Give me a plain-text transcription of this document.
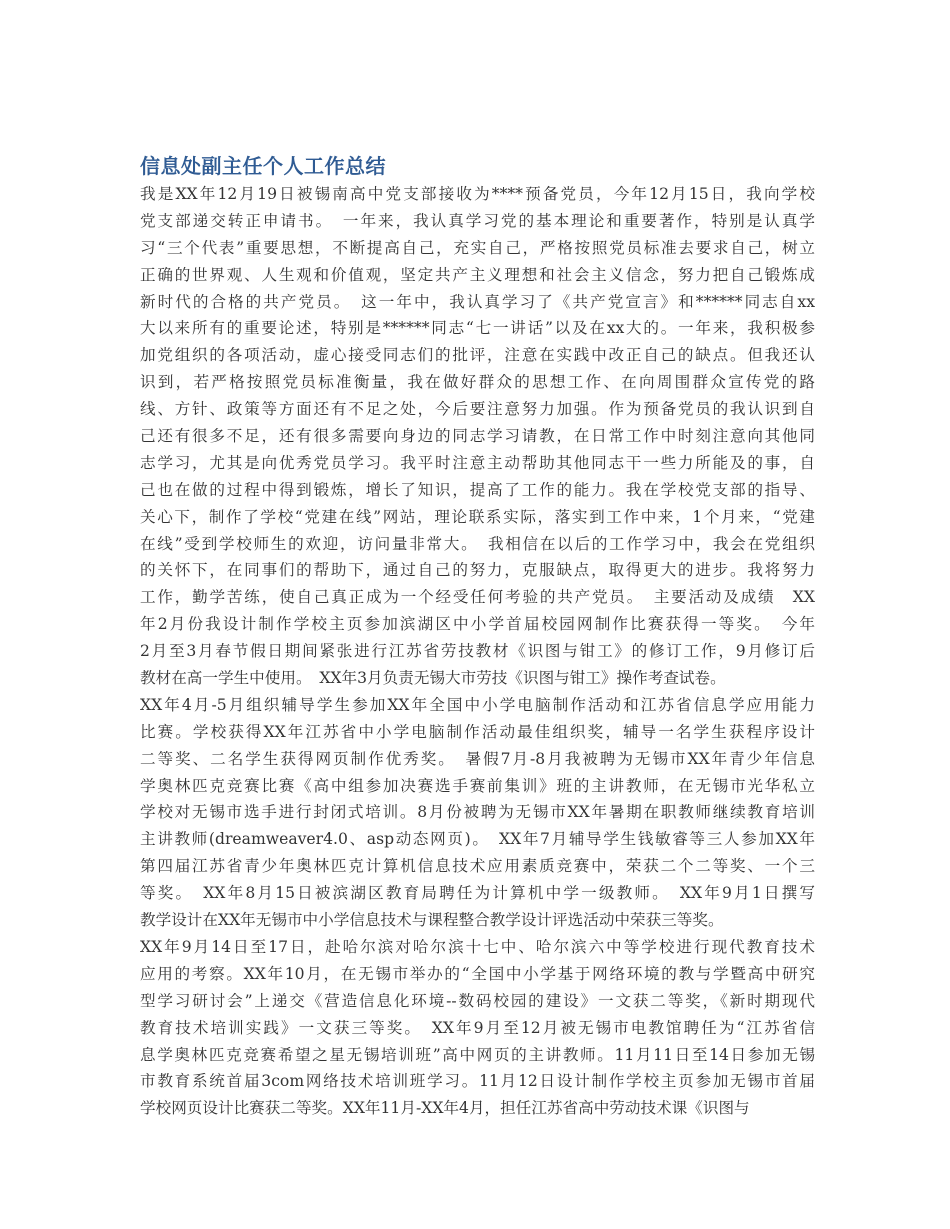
信息处副主任个人工作总结
我是XX年12月19日被锡南高中党支部接收为****预备党员，今年12月15日，我向学校
党支部递交转正申请书。　一年来，我认真学习党的基本理论和重要著作，特别是认真学
习“三个代表”重要思想，不断提高自己，充实自己，严格按照党员标准去要求自己，树立
正确的世界观、人生观和价值观，坚定共产主义理想和社会主义信念，努力把自己锻炼成
新时代的合格的共产党员。　这一年中，我认真学习了《共产党宣言》和******同志自xx
大以来所有的重要论述，特别是******同志“七一讲话”以及在xx大的。一年来，我积极参
加党组织的各项活动，虚心接受同志们的批评，注意在实践中改正自己的缺点。但我还认
识到，若严格按照党员标准衡量，我在做好群众的思想工作、在向周围群众宣传党的路
线、方针、政策等方面还有不足之处，今后要注意努力加强。作为预备党员的我认识到自
己还有很多不足，还有很多需要向身边的同志学习请教，在日常工作中时刻注意向其他同
志学习，尤其是向优秀党员学习。我平时注意主动帮助其他同志干一些力所能及的事，自
己也在做的过程中得到锻炼，增长了知识，提高了工作的能力。我在学校党支部的指导、
关心下，制作了学校“党建在线”网站，理论联系实际，落实到工作中来，1个月来，“党建
在线”受到学校师生的欢迎，访问量非常大。　我相信在以后的工作学习中，我会在党组织
的关怀下，在同事们的帮助下，通过自己的努力，克服缺点，取得更大的进步。我将努力
工作，勤学苦练，使自己真正成为一个经受任何考验的共产党员。　主要活动及成绩　XX
年2月份我设计制作学校主页参加滨湖区中小学首届校园网制作比赛获得一等奖。　今年
2月至3月春节假日期间紧张进行江苏省劳技教材《识图与钳工》的修订工作，9月修订后
教材在高一学生中使用。　XX年3月负责无锡大市劳技《识图与钳工》操作考查试卷。
XX年4月-5月组织辅导学生参加XX年全国中小学电脑制作活动和江苏省信息学应用能力
比赛。学校获得XX年江苏省中小学电脑制作活动最佳组织奖，辅导一名学生获程序设计
二等奖、二名学生获得网页制作优秀奖。　暑假7月-8月我被聘为无锡市XX年青少年信息
学奥林匹克竞赛比赛《高中组参加决赛选手赛前集训》班的主讲教师，在无锡市光华私立
学校对无锡市选手进行封闭式培训。8月份被聘为无锡市XX年暑期在职教师继续教育培训
主讲教师(dreamweaver4.0、asp动态网页)。　XX年7月辅导学生钱敏睿等三人参加XX年
第四届江苏省青少年奥林匹克计算机信息技术应用素质竞赛中，荣获二个二等奖、一个三
等奖。　XX年8月15日被滨湖区教育局聘任为计算机中学一级教师。　XX年9月1日撰写
教学设计在XX年无锡市中小学信息技术与课程整合教学设计评选活动中荣获三等奖。
XX年9月14日至17日，赴哈尔滨对哈尔滨十七中、哈尔滨六中等学校进行现代教育技术
应用的考察。XX年10月，在无锡市举办的“全国中小学基于网络环境的教与学暨高中研究
型学习研讨会”上递交《营造信息化环境--数码校园的建设》一文获二等奖，《新时期现代
教育技术培训实践》一文获三等奖。　XX年9月至12月被无锡市电教馆聘任为“江苏省信
息学奥林匹克竞赛希望之星无锡培训班”高中网页的主讲教师。11月11日至14日参加无锡
市教育系统首届3com网络技术培训班学习。11月12日设计制作学校主页参加无锡市首届
学校网页设计比赛获二等奖。XX年11月-XX年4月，担任江苏省高中劳动技术课《识图与
